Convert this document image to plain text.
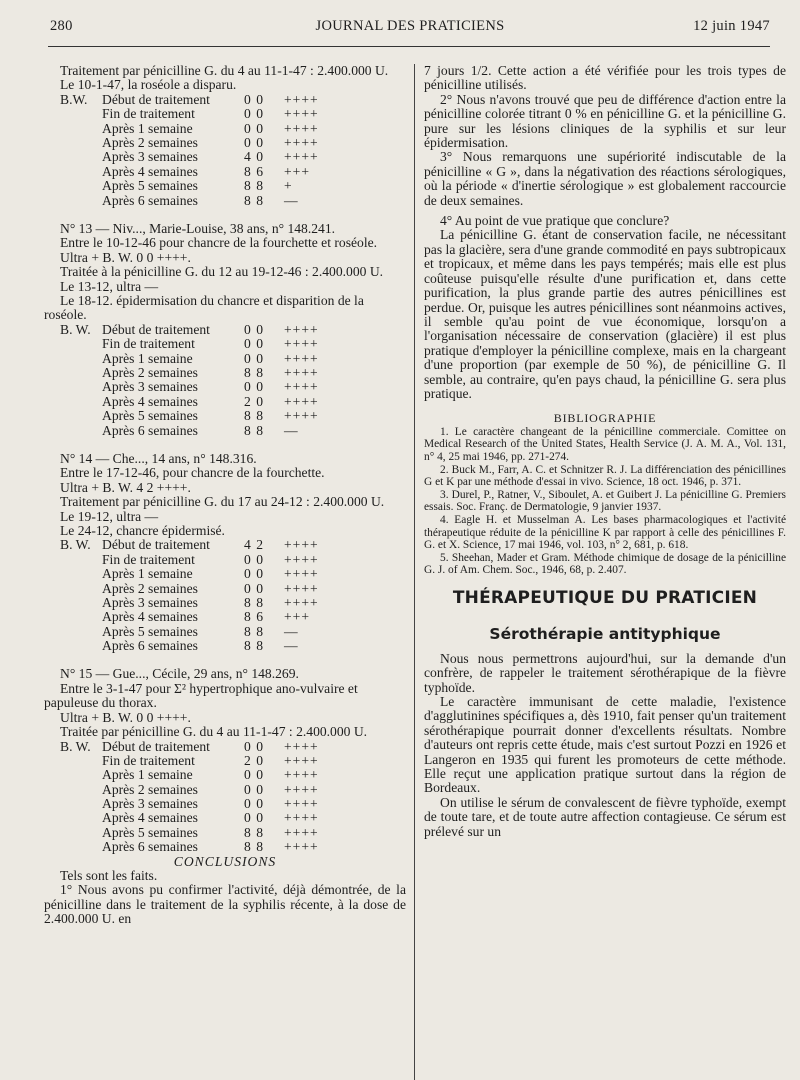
280	JOURNAL DES PRATICIENS	12 juin 1947

Traitement par pénicilline G. du 4 au 11-1-47 : 2.400.000 U.

Le 10-1-47, la roséole a disparu.

B.W.	Début de traitement	0 0	++++
Fin de traitement	0 0	++++
Après 1 semaine	0 0	++++
Après 2 semaines	0 0	++++
Après 3 semaines	4 0	++++
Après 4 semaines	8 6	+++
Après 5 semaines	8 8	+
Après 6 semaines	8 8	—

N° 13 — Niv..., Marie-Louise, 38 ans, n° 148.241.

Entre le 10-12-46 pour chancre de la fourchette et roséole.

Ultra + B. W. 0 0 ++++.

Traitée à la pénicilline G. du 12 au 19-12-46 : 2.400.000 U.

Le 13-12, ultra —

Le 18-12. épidermisation du chancre et disparition de la roséole.

B. W. Début de traitement	0 0	++++
Fin de traitement	0 0	++++
Après 1 semaine	0 0	++++
Après 2 semaines	8 8	++++
Après 3 semaines	0 0	++++
Après 4 semaines	2 0	++++
Après 5 semaines	8 8	++++
Après 6 semaines	8 8	—

N° 14 — Che..., 14 ans, n° 148.316.

Entre le 17-12-46, pour chancre de la fourchette.

Ultra + B. W. 4 2 ++++.

Traitement par pénicilline G. du 17 au 24-12 : 2.400.000 U.

Le 19-12, ultra —

Le 24-12, chancre épidermisé.

B. W. Début de traitement	4 2	++++
Fin de traitement	0 0	++++
Après 1 semaine	0 0	++++
Après 2 semaines	0 0	++++
Après 3 semaines	8 8	++++
Après 4 semaines	8 6	+++
Après 5 semaines	8 8	—
Après 6 semaines	8 8	—

N° 15 — Gue..., Cécile, 29 ans, n° 148.269.

Entre le 3-1-47 pour Σ² hypertrophique ano-vulvaire et papuleuse du thorax.

Ultra + B. W. 0 0 ++++.

Traitée par pénicilline G. du 4 au 11-1-47 : 2.400.000 U.

B. W. Début de traitement	0 0	++++
Fin de traitement	2 0	++++
Après 1 semaine	0 0	++++
Après 2 semaines	0 0	++++
Après 3 semaines	0 0	++++
Après 4 semaines	0 0	++++
Après 5 semaines	8 8	++++
Après 6 semaines	8 8	++++

CONCLUSIONS

Tels sont les faits.

1° Nous avons pu confirmer l'activité, déjà démontrée, de la pénicilline dans le traitement de la syphilis récente, à la dose de 2.400.000 U. en

7 jours 1/2. Cette action a été vérifiée pour les trois types de pénicilline utilisés.

2° Nous n'avons trouvé que peu de différence d'action entre la pénicilline colorée titrant 0 % en pénicilline G. et la pénicilline G. pure sur les lésions cliniques de la syphilis et sur leur épidermisation.

3° Nous remarquons une supériorité indiscutable de la pénicilline « G », dans la négativation des réactions sérologiques, où la période « d'inertie sérologique » est globalement raccourcie de deux semaines.

4° Au point de vue pratique que conclure?

La pénicilline G. étant de conservation facile, ne nécessitant pas la glacière, sera d'une grande commodité en pays subtropicaux et tropicaux, et même dans les pays tempérés; mais elle est plus coûteuse puisqu'elle résulte d'une purification et, dans cette purification, la plus grande partie des autres pénicillines est perdue. Or, puisque les autres pénicillines sont néanmoins actives, il semble qu'au point de vue économique, lorsqu'on a l'organisation nécessaire de conservation (glacière) il est plus pratique d'employer la pénicilline complexe, mais en la chargeant d'une proportion (par exemple de 50 %), de pénicilline G. Il semble, au contraire, qu'en pays chaud, la pénicilline G. sera plus pratique.

BIBLIOGRAPHIE

1. Le caractère changeant de la pénicilline commerciale. Comittee on Medical Research of the United States, Health Service (J. A. M. A., Vol. 131, n° 4, 25 mai 1946, pp. 271-274.

2. Buck M., Farr, A. C. et Schnitzer R. J. La différenciation des pénicillines G et K par une méthode d'essai in vivo. Science, 18 oct. 1946, p. 371.

3. Durel, P., Ratner, V., Siboulet, A. et Guibert J. La pénicilline G. Premiers essais. Soc. Franç. de Dermatologie, 9 janvier 1937.

4. Eagle H. et Musselman A. Les bases pharmacologiques et l'activité thérapeutique réduite de la pénicilline K par rapport à celle des pénicillines F. G. et X. Science, 17 mai 1946, vol. 103, n° 2, 681, p. 618.

5. Sheehan, Mader et Gram. Méthode chimique de dosage de la pénicilline G. J. of Am. Chem. Soc., 1946, 68, p. 2.407.

THÉRAPEUTIQUE DU PRATICIEN

Sérothérapie antityphique

Nous nous permettrons aujourd'hui, sur la demande d'un confrère, de rappeler le traitement sérothérapique de la fièvre typhoïde.

Le caractère immunisant de cette maladie, l'existence d'agglutinines spécifiques a, dès 1910, fait penser qu'un traitement sérothérapique pourrait donner d'excellents résultats. Nombre d'auteurs ont repris cette étude, mais c'est surtout Pozzi en 1926 et Langeron en 1935 qui furent les promoteurs de cette méthode. Elle reçut une application pratique surtout dans la région de Bordeaux.

On utilise le sérum de convalescent de fièvre typhoïde, exempt de toute tare, et de toute autre affection contagieuse. Ce sérum est prélevé sur un
